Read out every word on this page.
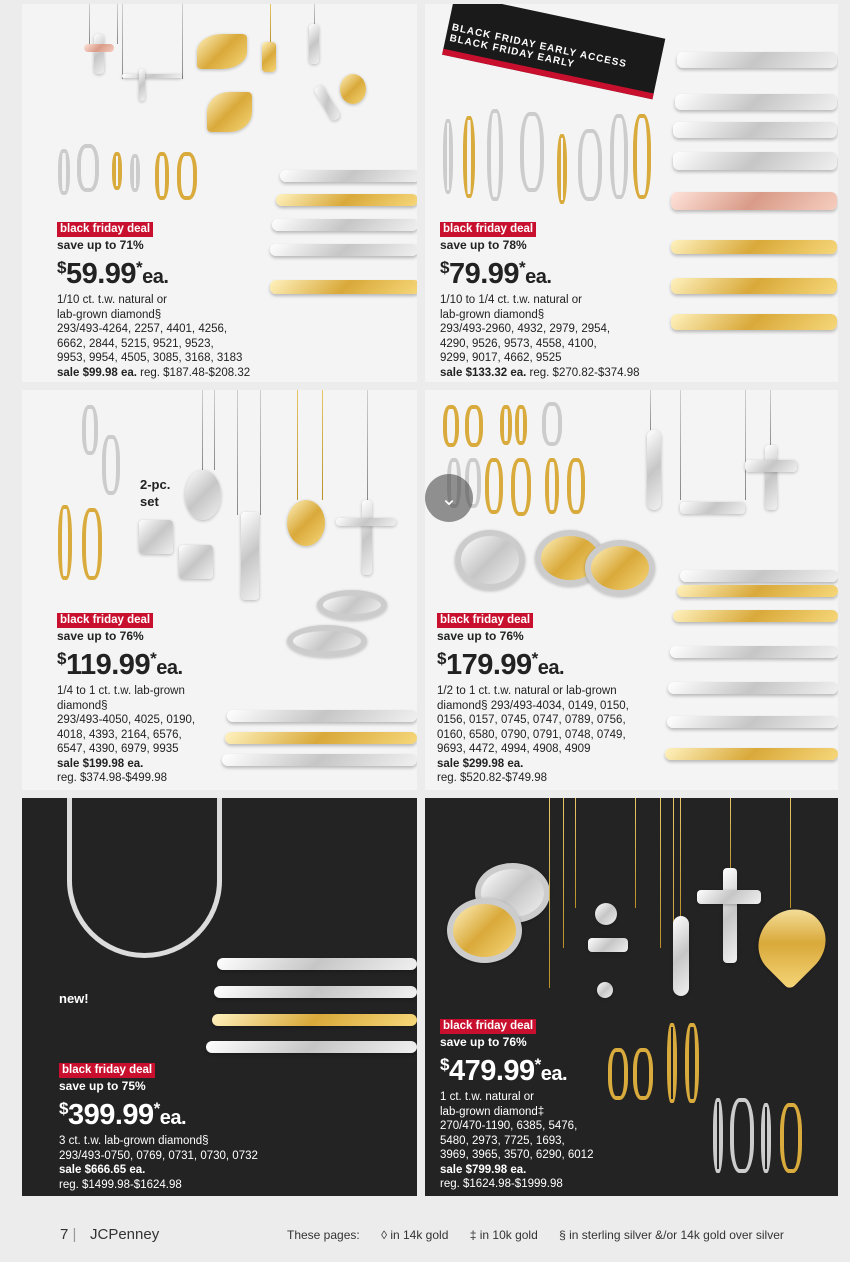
black friday deal
save up to 71%
$59.99*ea.
1/10 ct. t.w. natural or
lab-grown diamond§
293/493-4264, 2257, 4401, 4256,
6662, 2844, 5215, 9521, 9523,
9953, 9954, 4505, 3085, 3168, 3183
sale $99.98 ea. reg. $187.48-$208.32
BLACK FRIDAY EARLY ACCESS BLACK FRIDAY EARLY
black friday deal
save up to 78%
$79.99*ea.
1/10 to 1/4 ct. t.w. natural or
lab-grown diamond§
293/493-2960, 4932, 2979, 2954,
4290, 9526, 9573, 4558, 4100,
9299, 9017, 4662, 9525
sale $133.32 ea. reg. $270.82-$374.98
2-pc.
set
black friday deal
save up to 76%
$119.99*ea.
1/4 to 1 ct. t.w. lab-grown
diamond§
293/493-4050, 4025, 0190,
4018, 4393, 2164, 6576,
6547, 4390, 6979, 9935
sale $199.98 ea.
reg. $374.98-$499.98
black friday deal
save up to 76%
$179.99*ea.
1/2 to 1 ct. t.w. natural or lab-grown
diamond§ 293/493-4034, 0149, 0150,
0156, 0157, 0745, 0747, 0789, 0756,
0160, 6580, 0790, 0791, 0748, 0749,
9693, 4472, 4994, 4908, 4909
sale $299.98 ea.
reg. $520.82-$749.98
⌄
new!
black friday deal
save up to 75%
$399.99*ea.
3 ct. t.w. lab-grown diamond§
293/493-0750, 0769, 0731, 0730, 0732
sale $666.65 ea.
reg. $1499.98-$1624.98
black friday deal
save up to 76%
$479.99*ea.
1 ct. t.w. natural or
lab-grown diamond‡
270/470-1190, 6385, 5476,
5480, 2973, 7725, 1693,
3969, 3965, 3570, 6290, 6012
sale $799.98 ea.
reg. $1624.98-$1999.98
7 | JCPenney	These pages: ◊ in 14k gold ‡ in 10k gold § in sterling silver &/or 14k gold over silver
